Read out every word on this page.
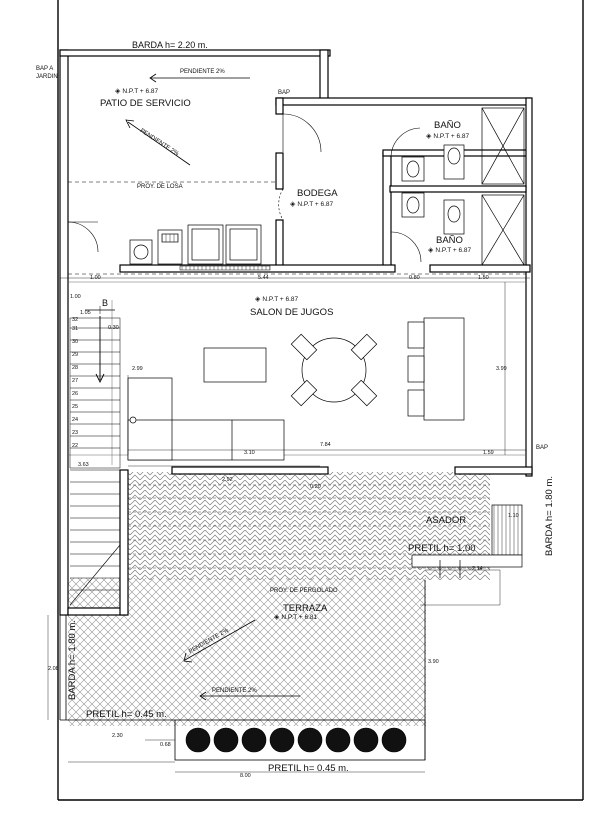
BARDA h= 2.20 m.
BAP A
JARDIN
PENDIENTE 2%
◈ N.P.T + 6.87
PATIO DE SERVICIO
PENDIENTE 2%
PROY. DE LOSA
BAP
BAÑO
◈ N.P.T + 6.87
BODEGA
◈ N.P.T + 6.87
BAÑO
◈ N.P.T + 6.87
◈ N.P.T + 6.87
SALON DE JUGOS
B
BAP
ASADOR	BARDA h= 1.80 m.
PRETIL h= 1.00
PROY. DE PERGOLADO
TERRAZA
◈ N.P.T + 6.81
PENDIENTE 2%
PENDIENTE 2%
BARDA h= 1.80 m.
PRETIL h= 0.45 m.
PRETIL h= 0.45 m.
22
23
24
25
26
27
28
29
30
31
32
1.00	5.44	0.80	1.50
1.00
1.05
0.30
2.99	3.99
3.10
7.84
1.59
3.63
2.92
0.20
1.10
2.14
2.08
3.90
2.30
0.68
8.00
